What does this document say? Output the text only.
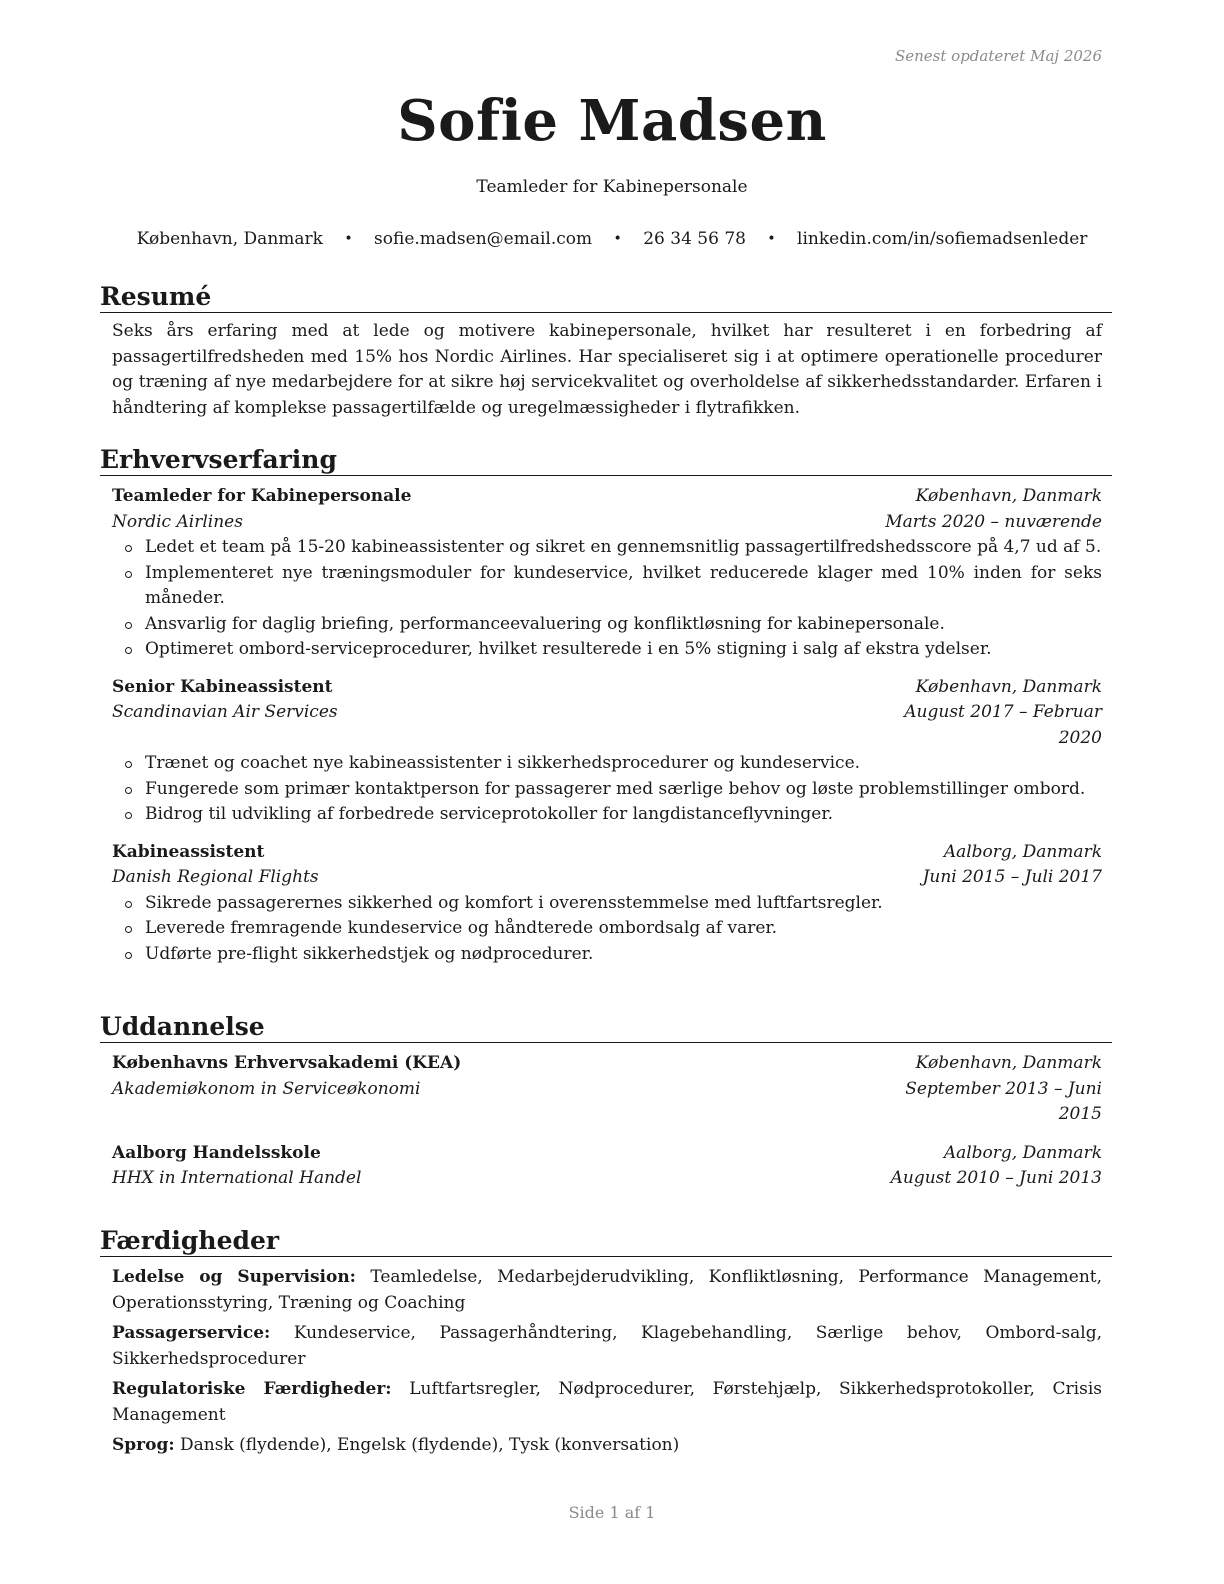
Senest opdateret Maj 2026
Sofie Madsen
Teamleder for Kabinepersonale
København, Danmark • sofie.madsen@email.com • 26 34 56 78 • linkedin.com/in/sofiemadsenleder
Resumé
Seks års erfaring med at lede og motivere kabinepersonale, hvilket har resulteret i en forbedring af passagertilfredsheden med 15% hos Nordic Airlines. Har specialiseret sig i at optimere operationelle procedurer og træning af nye medarbejdere for at sikre høj servicekvalitet og overholdelse af sikkerhedsstandarder. Erfaren i håndtering af komplekse passagertilfælde og uregelmæssigheder i flytrafikken.
Erhvervserfaring
Teamleder for Kabinepersonale	København, Danmark
Nordic Airlines	Marts 2020 – nuværende
Ledet et team på 15-20 kabineassistenter og sikret en gennemsnitlig passagertilfredshedsscore på 4,7 ud af 5.
Implementeret nye træningsmoduler for kundeservice, hvilket reducerede klager med 10% inden for seks måneder.
Ansvarlig for daglig briefing, performanceevaluering og konfliktløsning for kabinepersonale.
Optimeret ombord-serviceprocedurer, hvilket resulterede i en 5% stigning i salg af ekstra ydelser.
Senior Kabineassistent	København, Danmark
Scandinavian Air Services	August 2017 – Februar 2020
Trænet og coachet nye kabineassistenter i sikkerhedsprocedurer og kundeservice.
Fungerede som primær kontaktperson for passagerer med særlige behov og løste problemstillinger ombord.
Bidrog til udvikling af forbedrede serviceprotokoller for langdistanceflyvninger.
Kabineassistent	Aalborg, Danmark
Danish Regional Flights	Juni 2015 – Juli 2017
Sikrede passagerernes sikkerhed og komfort i overensstemmelse med luftfartsregler.
Leverede fremragende kundeservice og håndterede ombordsalg af varer.
Udførte pre-flight sikkerhedstjek og nødprocedurer.
Uddannelse
Københavns Erhvervsakademi (KEA)	København, Danmark
Akademiøkonom in Serviceøkonomi	September 2013 – Juni 2015
Aalborg Handelsskole	Aalborg, Danmark
HHX in International Handel	August 2010 – Juni 2013
Færdigheder
Ledelse og Supervision: Teamledelse, Medarbejderudvikling, Konfliktløsning, Performance Management, Operationsstyring, Træning og Coaching
Passagerservice: Kundeservice, Passagerhåndtering, Klagebehandling, Særlige behov, Ombord-salg, Sikkerhedsprocedurer
Regulatoriske Færdigheder: Luftfartsregler, Nødprocedurer, Førstehjælp, Sikkerhedsprotokoller, Crisis Management
Sprog: Dansk (flydende), Engelsk (flydende), Tysk (konversation)
Side 1 af 1
